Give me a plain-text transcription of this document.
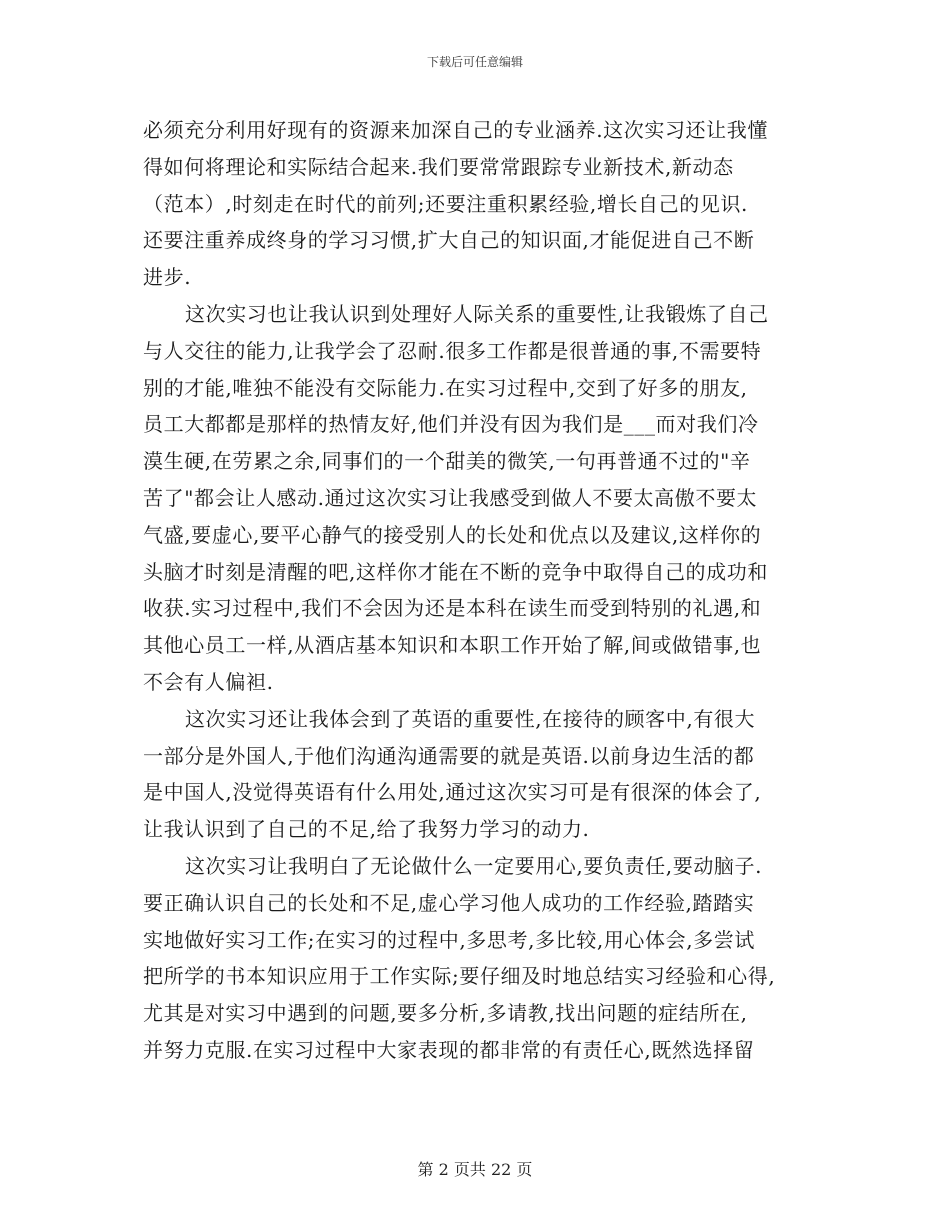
下载后可任意编辑
必须充分利用好现有的资源来加深自己的专业涵养.这次实习还让我懂
得如何将理论和实际结合起来.我们要常常跟踪专业新技术,新动态
（范本）,时刻走在时代的前列;还要注重积累经验,增长自己的见识.
还要注重养成终身的学习习惯,扩大自己的知识面,才能促进自己不断
进步.
这次实习也让我认识到处理好人际关系的重要性,让我锻炼了自己
与人交往的能力,让我学会了忍耐.很多工作都是很普通的事,不需要特
别的才能,唯独不能没有交际能力.在实习过程中,交到了好多的朋友,
员工大都都是那样的热情友好,他们并没有因为我们是___而对我们冷
漠生硬,在劳累之余,同事们的一个甜美的微笑,一句再普通不过的"辛
苦了"都会让人感动.通过这次实习让我感受到做人不要太高傲不要太
气盛,要虚心,要平心静气的接受别人的长处和优点以及建议,这样你的
头脑才时刻是清醒的吧,这样你才能在不断的竞争中取得自己的成功和
收获.实习过程中,我们不会因为还是本科在读生而受到特别的礼遇,和
其他心员工一样,从酒店基本知识和本职工作开始了解,间或做错事,也
不会有人偏袒.
这次实习还让我体会到了英语的重要性,在接待的顾客中,有很大
一部分是外国人,于他们沟通沟通需要的就是英语.以前身边生活的都
是中国人,没觉得英语有什么用处,通过这次实习可是有很深的体会了,
让我认识到了自己的不足,给了我努力学习的动力.
这次实习让我明白了无论做什么一定要用心,要负责任,要动脑子.
要正确认识自己的长处和不足,虚心学习他人成功的工作经验,踏踏实
实地做好实习工作;在实习的过程中,多思考,多比较,用心体会,多尝试
把所学的书本知识应用于工作实际;要仔细及时地总结实习经验和心得,
尤其是对实习中遇到的问题,要多分析,多请教,找出问题的症结所在,
并努力克服.在实习过程中大家表现的都非常的有责任心,既然选择留
第 2 页共 22 页
